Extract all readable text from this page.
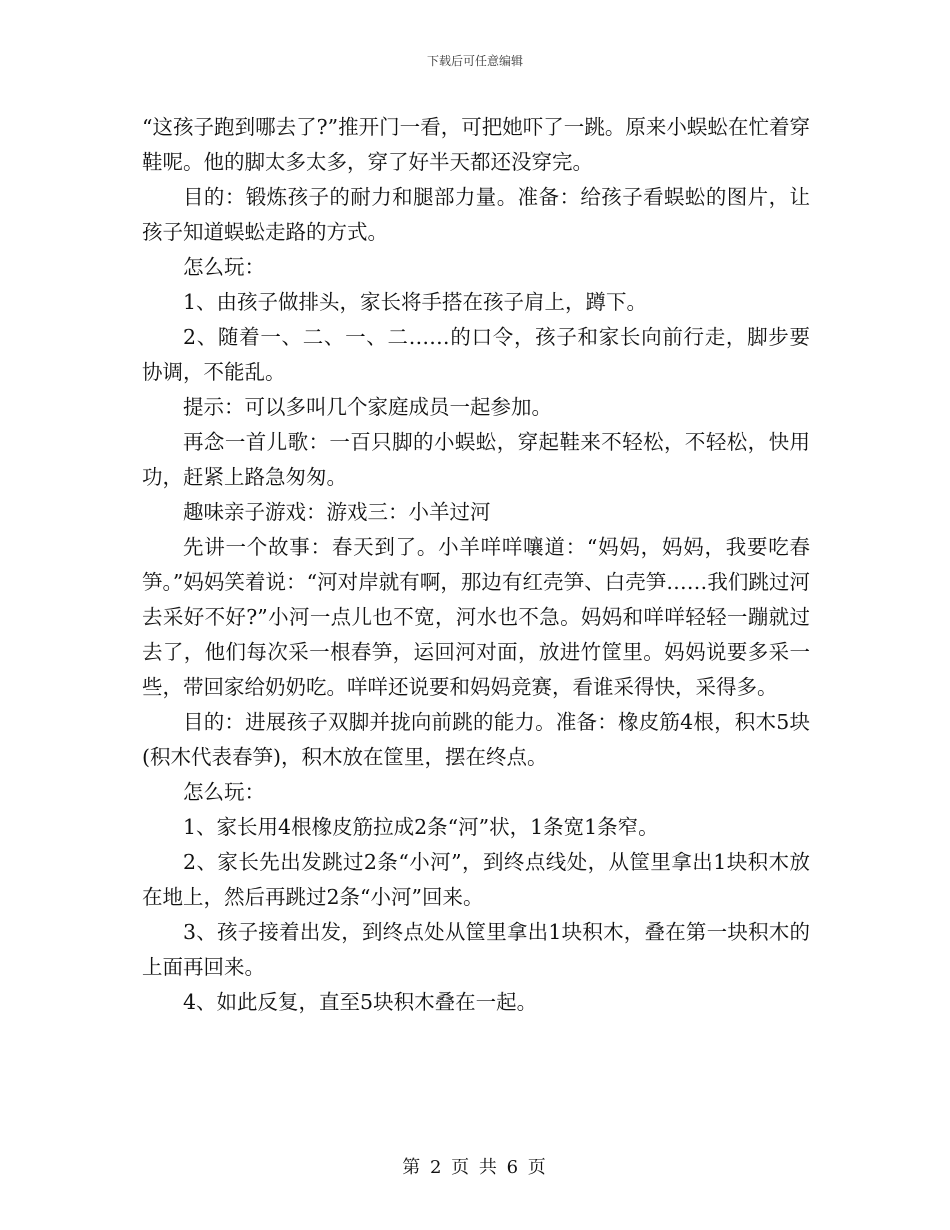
下载后可任意编辑

“这孩子跑到哪去了?”推开门一看，可把她吓了一跳。原来小蜈蚣在忙着穿鞋呢。他的脚太多太多，穿了好半天都还没穿完。

目的：锻炼孩子的耐力和腿部力量。准备：给孩子看蜈蚣的图片，让孩子知道蜈蚣走路的方式。

怎么玩：

1、由孩子做排头，家长将手搭在孩子肩上，蹲下。

2、随着一、二、一、二……的口令，孩子和家长向前行走，脚步要协调，不能乱。

提示：可以多叫几个家庭成员一起参加。

再念一首儿歌：一百只脚的小蜈蚣，穿起鞋来不轻松，不轻松，快用功，赶紧上路急匆匆。

趣味亲子游戏：游戏三：小羊过河

先讲一个故事：春天到了。小羊咩咩嚷道：“妈妈，妈妈，我要吃春笋。”妈妈笑着说：“河对岸就有啊，那边有红壳笋、白壳笋……我们跳过河去采好不好?”小河一点儿也不宽，河水也不急。妈妈和咩咩轻轻一蹦就过去了，他们每次采一根春笋，运回河对面，放进竹筐里。妈妈说要多采一些，带回家给奶奶吃。咩咩还说要和妈妈竞赛，看谁采得快，采得多。

目的：进展孩子双脚并拢向前跳的能力。准备：橡皮筋4根，积木5块(积木代表春笋)，积木放在筐里，摆在终点。

怎么玩：

1、家长用4根橡皮筋拉成2条“河”状，1条宽1条窄。

2、家长先出发跳过2条“小河”，到终点线处，从筐里拿出1块积木放在地上，然后再跳过2条“小河”回来。

3、孩子接着出发，到终点处从筐里拿出1块积木，叠在第一块积木的上面再回来。

4、如此反复，直至5块积木叠在一起。

第 2 页 共 6 页
